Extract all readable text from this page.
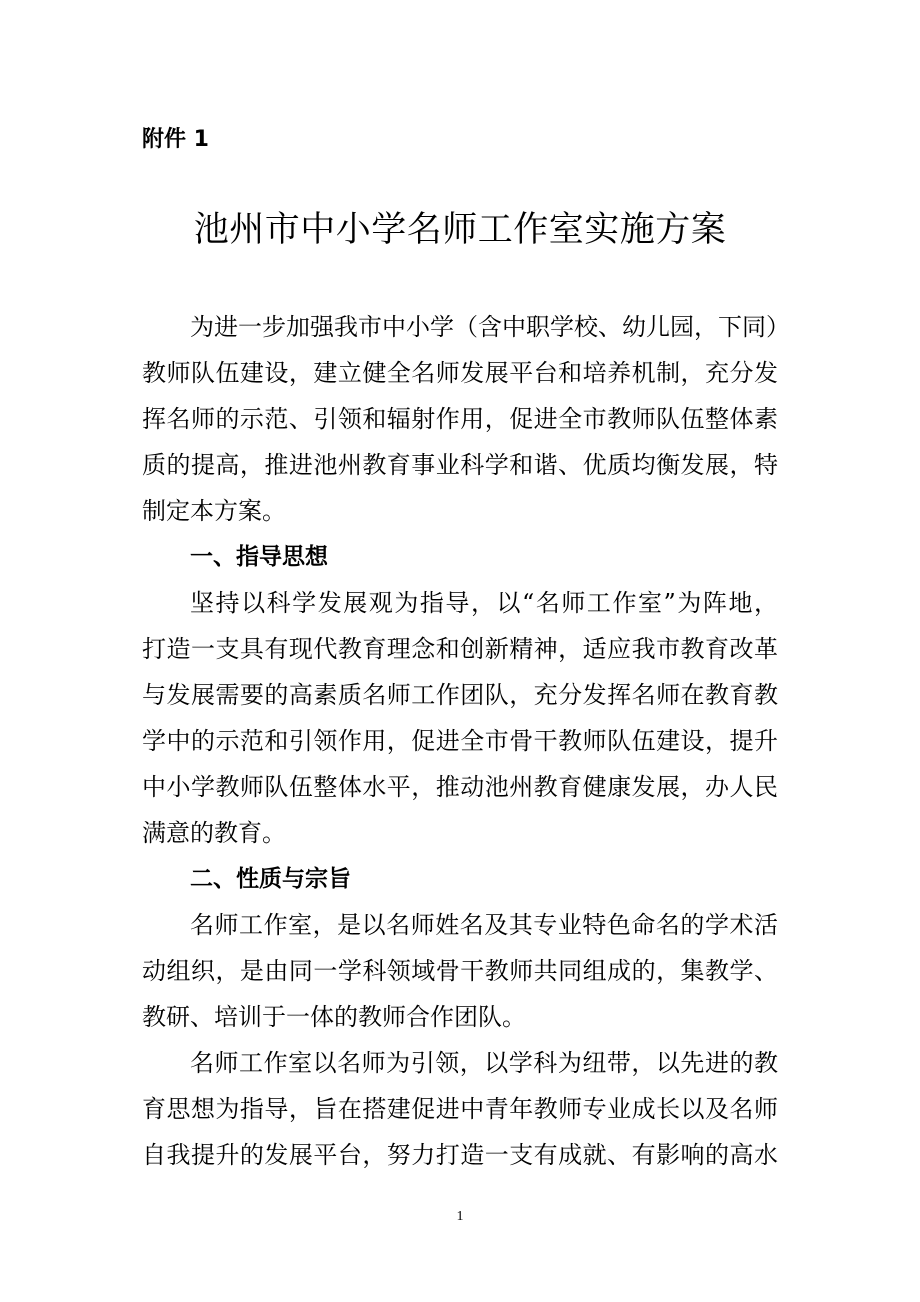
附件 1
池州市中小学名师工作室实施方案
为进一步加强我市中小学（含中职学校、幼儿园，下同）
教师队伍建设，建立健全名师发展平台和培养机制，充分发
挥名师的示范、引领和辐射作用，促进全市教师队伍整体素
质的提高，推进池州教育事业科学和谐、优质均衡发展，特
制定本方案。
一、指导思想
坚持以科学发展观为指导，以“名师工作室”为阵地，
打造一支具有现代教育理念和创新精神，适应我市教育改革
与发展需要的高素质名师工作团队，充分发挥名师在教育教
学中的示范和引领作用，促进全市骨干教师队伍建设，提升
中小学教师队伍整体水平，推动池州教育健康发展，办人民
满意的教育。
二、性质与宗旨
名师工作室，是以名师姓名及其专业特色命名的学术活
动组织，是由同一学科领域骨干教师共同组成的，集教学、
教研、培训于一体的教师合作团队。
名师工作室以名师为引领，以学科为纽带，以先进的教
育思想为指导，旨在搭建促进中青年教师专业成长以及名师
自我提升的发展平台，努力打造一支有成就、有影响的高水
1
